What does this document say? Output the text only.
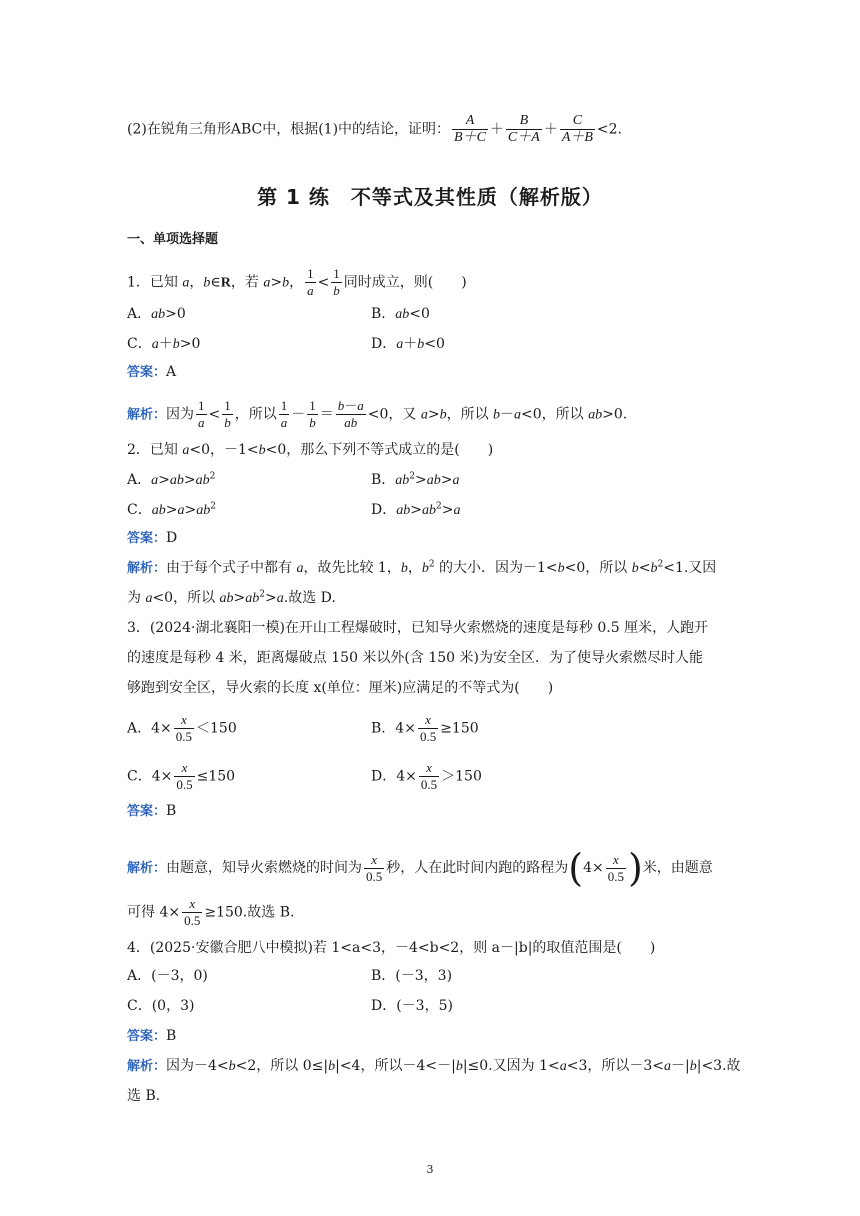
(2)在锐角三角形ABC中，根据(1)中的结论，证明： $\frac{A}{B+C} + \frac{B}{C+A} + \frac{C}{A+B} <2$.
第 1 练　不等式及其性质（解析版）
一、单项选择题
1．已知 a，b∈R，若 a>b， $\frac{1}{a} < \frac{1}{b}$ 同时成立，则(　　)
A．ab>0	B．ab<0
C．a＋b>0	D．a＋b<0
答案：A
解析：因为 $\frac{1}{a} < \frac{1}{b}$ ，所以 $\frac{1}{a} - \frac{1}{b} = \frac{b-a}{ab} <0$，又 a>b，所以 b－a<0，所以 ab>0.
2．已知 a<0，－1<b<0，那么下列不等式成立的是(　　)
A．$a>ab>ab^2$	B．$ab^2>ab>a$
C．$ab>a>ab^2$	D．$ab>ab^2>a$
答案：D
解析：由于每个式子中都有 a，故先比较 1，b，$b^2$ 的大小．因为－1<b<0，所以 $b<b^2<1$.又因
为 a<0，所以 $ab>ab^2>a$.故选 D.
3．(2024·湖北襄阳一模)在开山工程爆破时，已知导火索燃烧的速度是每秒 0.5 厘米，人跑开
的速度是每秒 4 米，距离爆破点 150 米以外(含 150 米)为安全区．为了使导火索燃尽时人能
够跑到安全区，导火索的长度 x(单位：厘米)应满足的不等式为(　　)
A．$4\times \frac{x}{0.5} <150$	B．$4\times \frac{x}{0.5} \ge 150$
C．$4\times \frac{x}{0.5} \le 150$	D．$4\times \frac{x}{0.5} >150$
答案：B
解析：由题意，知导火索燃烧的时间为 $\frac{x}{0.5}$ 秒，人在此时间内跑的路程为($4\times \frac{x}{0.5}$ )米，由题意
可得 $4\times \frac{x}{0.5} \ge 150$.故选 B.
4．(2025·安徽合肥八中模拟)若 1<a<3，－4<b<2，则 a－|b|的取值范围是(　　)
A．(－3，0)	B．(－3，3)
C．(0，3)	D．(－3，5)
答案：B
解析：因为－4<b<2，所以 0≤|b|<4，所以－4<－|b|≤0.又因为 1<a<3，所以－3<a－|b|<3.故
选 B.
3
